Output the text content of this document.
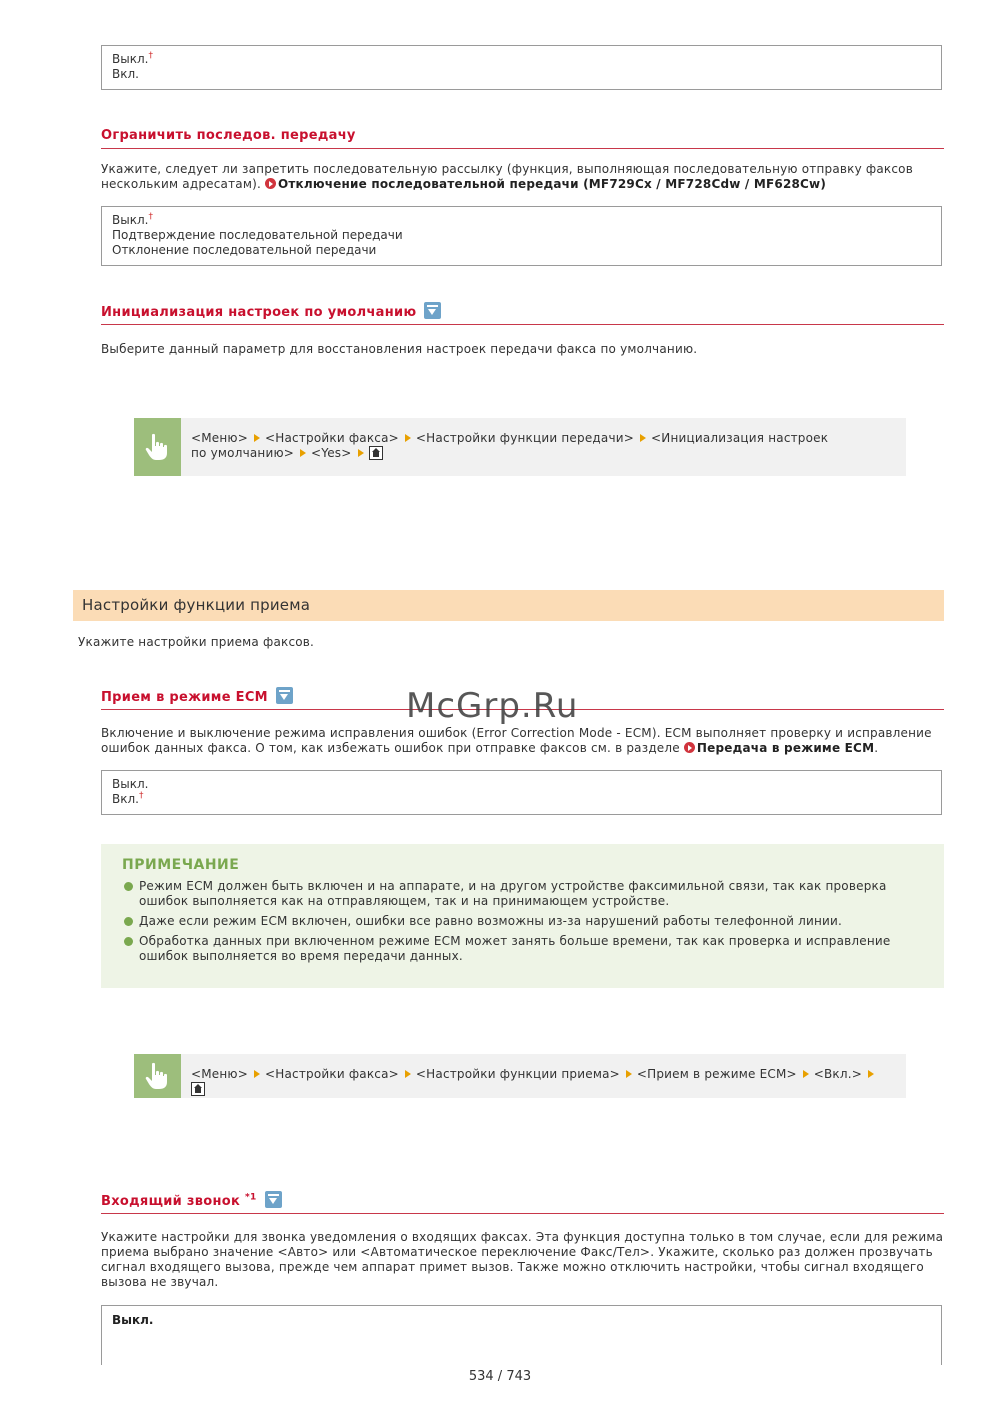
Выкл.†
Вкл.
Ограничить последов. передачу
Укажите, следует ли запретить последовательную рассылку (функция, выполняющая последовательную отправку факсов нескольким адресатам). Отключение последовательной передачи (MF729Cx / MF728Cdw / MF628Cw)
Выкл.†
Подтверждение последовательной передачи
Отклонение последовательной передачи
Инициализация настроек по умолчанию
Выберите данный параметр для восстановления настроек передачи факса по умолчанию.
<Меню> <Настройки факса> <Настройки функции передачи> <Инициализация настроек по умолчанию> <Yes>
Настройки функции приема
Укажите настройки приема факсов.
Прием в режиме ECM
Включение и выключение режима исправления ошибок (Error Correction Mode - ECM). ECM выполняет проверку и исправление ошибок данных факса. О том, как избежать ошибок при отправке факсов см. в разделе Передача в режиме ECM.
Выкл.
Вкл.†
ПРИМЕЧАНИЕ
Режим ECM должен быть включен и на аппарате, и на другом устройстве факсимильной связи, так как проверка ошибок выполняется как на отправляющем, так и на принимающем устройстве.
Даже если режим ECM включен, ошибки все равно возможны из-за нарушений работы телефонной линии.
Обработка данных при включенном режиме ECM может занять больше времени, так как проверка и исправление ошибок выполняется во время передачи данных.
<Меню> <Настройки факса> <Настройки функции приема> <Прием в режиме ECM> <Вкл.>
Входящий звонок $^{*1}$
Укажите настройки для звонка уведомления о входящих факсах. Эта функция доступна только в том случае, если для режима приема выбрано значение <Авто> или <Автоматическое переключение Факс/Тел>. Укажите, сколько раз должен прозвучать сигнал входящего вызова, прежде чем аппарат примет вызов. Также можно отключить настройки, чтобы сигнал входящего вызова не звучал.
Выкл.
McGrp.Ru
534 / 743
